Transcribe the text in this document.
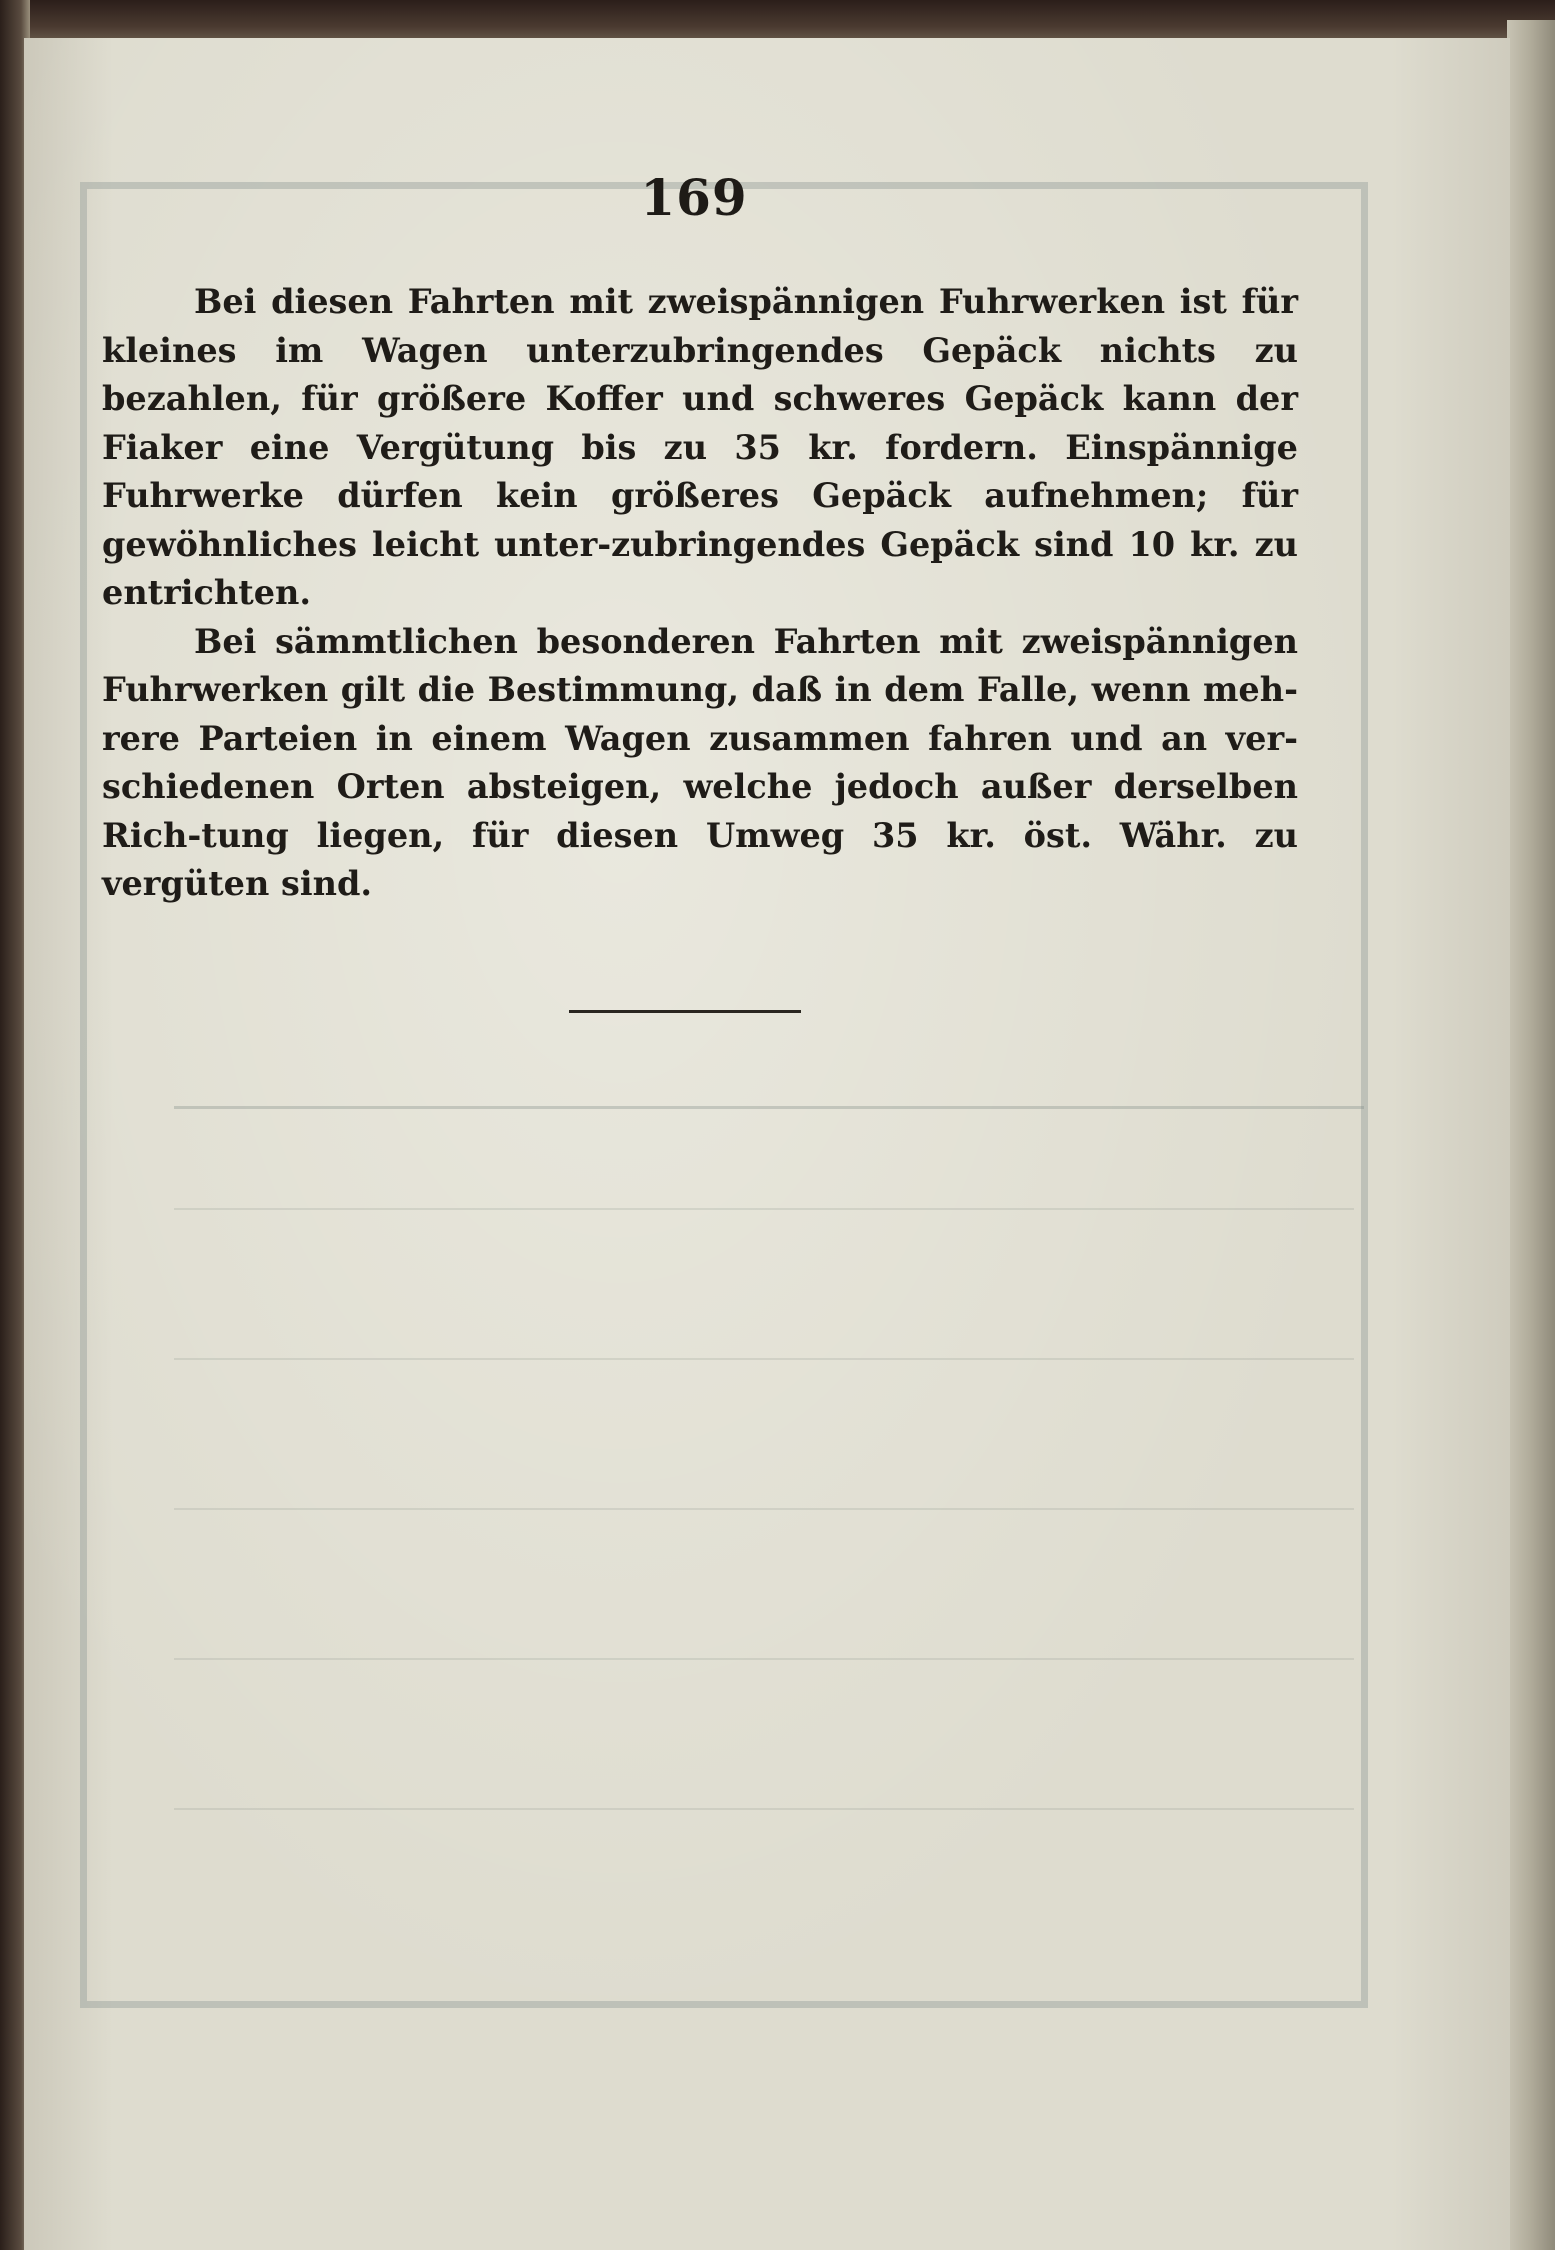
169

Bei diesen Fahrten mit zweispännigen Fuhrwerken ist für kleines im Wagen unterzubringendes Gepäck nichts zu bezahlen, für größere Koffer und schweres Gepäck kann der Fiaker eine Vergütung bis zu 35 kr. fordern. Einspännige Fuhrwerke dürfen kein größeres Gepäck aufnehmen; für gewöhnliches leicht unter-zubringendes Gepäck sind 10 kr. zu entrichten.

Bei sämmtlichen besonderen Fahrten mit zweispännigen Fuhrwerken gilt die Bestimmung, daß in dem Falle, wenn meh-rere Parteien in einem Wagen zusammen fahren und an ver-schiedenen Orten absteigen, welche jedoch außer derselben Rich-tung liegen, für diesen Umweg 35 kr. öst. Währ. zu vergüten sind.
